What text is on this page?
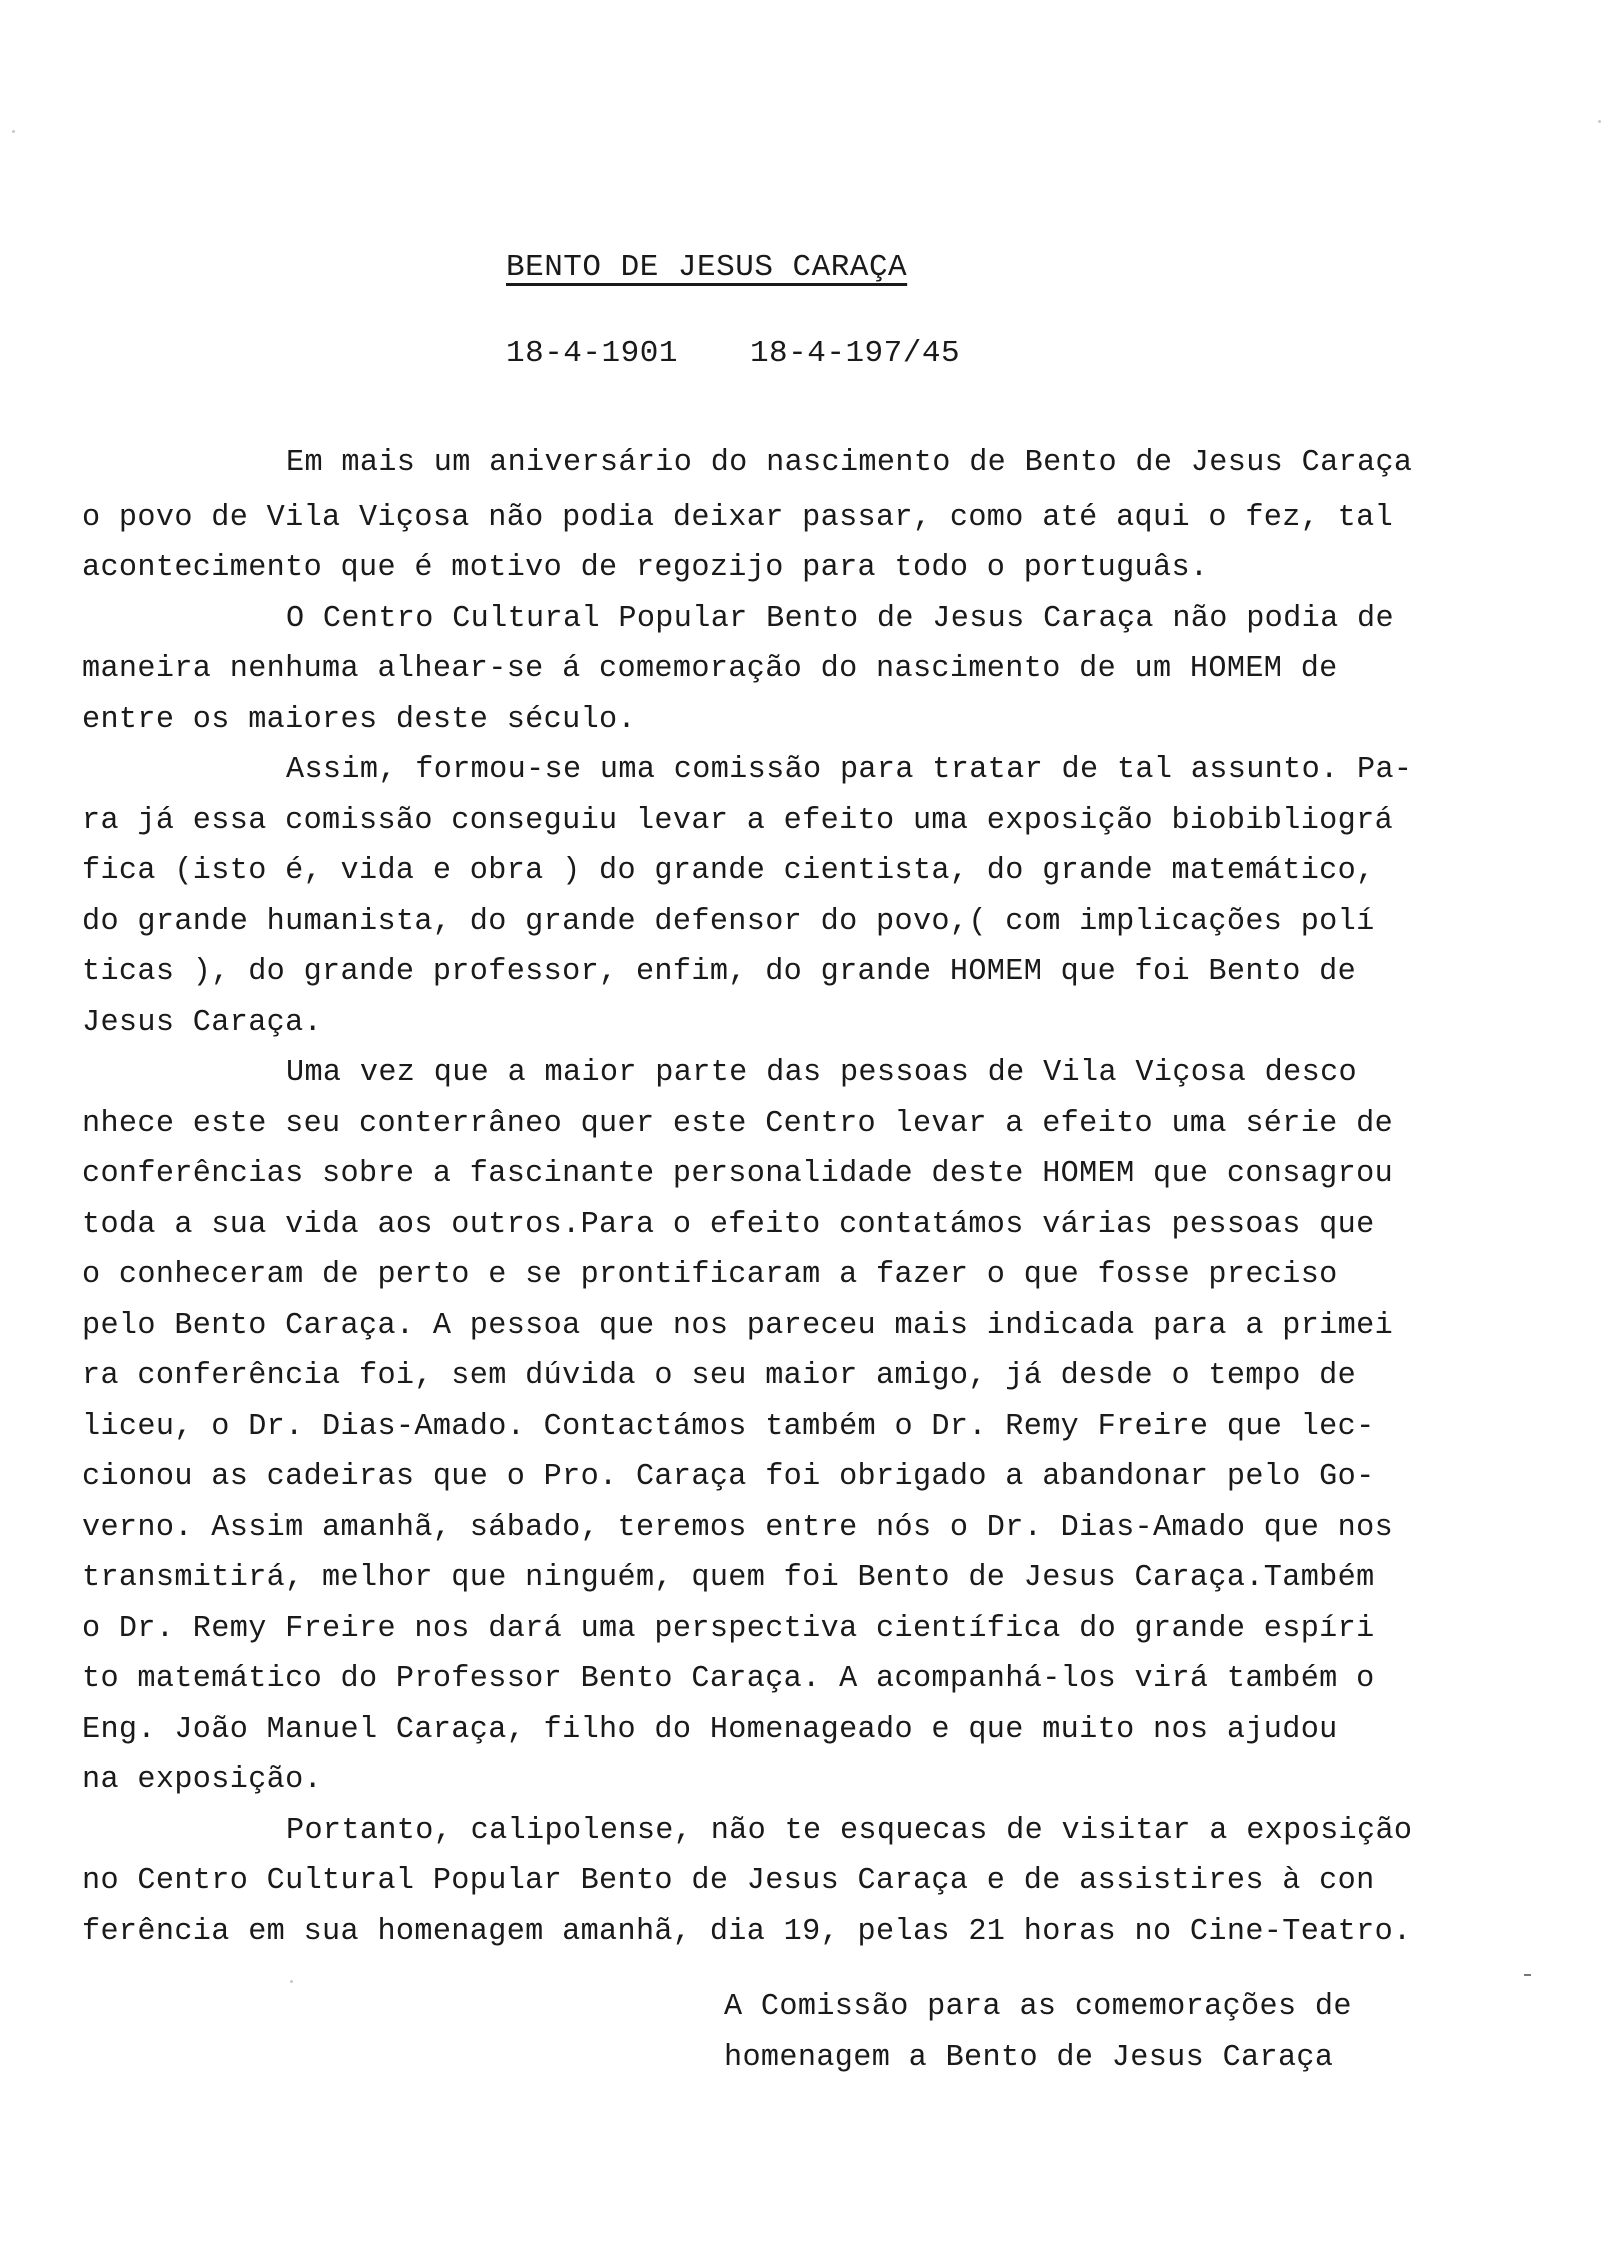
BENTO DE JESUS CARAÇA
18-4-1901 18-4-197/45
Em mais um aniversário do nascimento de Bento de Jesus Caraça
o povo de Vila Viçosa não podia deixar passar, como até aqui o fez, tal
acontecimento que é motivo de regozijo para todo o portuguâs.
O Centro Cultural Popular Bento de Jesus Caraça não podia de
maneira nenhuma alhear-se á comemoração do nascimento de um HOMEM de
entre os maiores deste século.
Assim, formou-se uma comissão para tratar de tal assunto. Pa-
ra já essa comissão conseguiu levar a efeito uma exposição biobibliográ
fica (isto é, vida e obra ) do grande cientista, do grande matemático,
do grande humanista, do grande defensor do povo,( com implicações polí
ticas ), do grande professor, enfim, do grande HOMEM que foi Bento de
Jesus Caraça.
Uma vez que a maior parte das pessoas de Vila Viçosa desco
nhece este seu conterrâneo quer este Centro levar a efeito uma série de
conferências sobre a fascinante personalidade deste HOMEM que consagrou
toda a sua vida aos outros.Para o efeito contatámos várias pessoas que
o conheceram de perto e se prontificaram a fazer o que fosse preciso
pelo Bento Caraça. A pessoa que nos pareceu mais indicada para a primei
ra conferência foi, sem dúvida o seu maior amigo, já desde o tempo de
liceu, o Dr. Dias-Amado. Contactámos também o Dr. Remy Freire que lec-
cionou as cadeiras que o Pro. Caraça foi obrigado a abandonar pelo Go-
verno. Assim amanhã, sábado, teremos entre nós o Dr. Dias-Amado que nos
transmitirá, melhor que ninguém, quem foi Bento de Jesus Caraça.Também
o Dr. Remy Freire nos dará uma perspectiva científica do grande espíri
to matemático do Professor Bento Caraça. A acompanhá-los virá também o
Eng. João Manuel Caraça, filho do Homenageado e que muito nos ajudou
na exposição.
Portanto, calipolense, não te esquecas de visitar a exposição
no Centro Cultural Popular Bento de Jesus Caraça e de assistires à con
ferência em sua homenagem amanhã, dia 19, pelas 21 horas no Cine-Teatro.
A Comissão para as comemorações de
homenagem a Bento de Jesus Caraça
